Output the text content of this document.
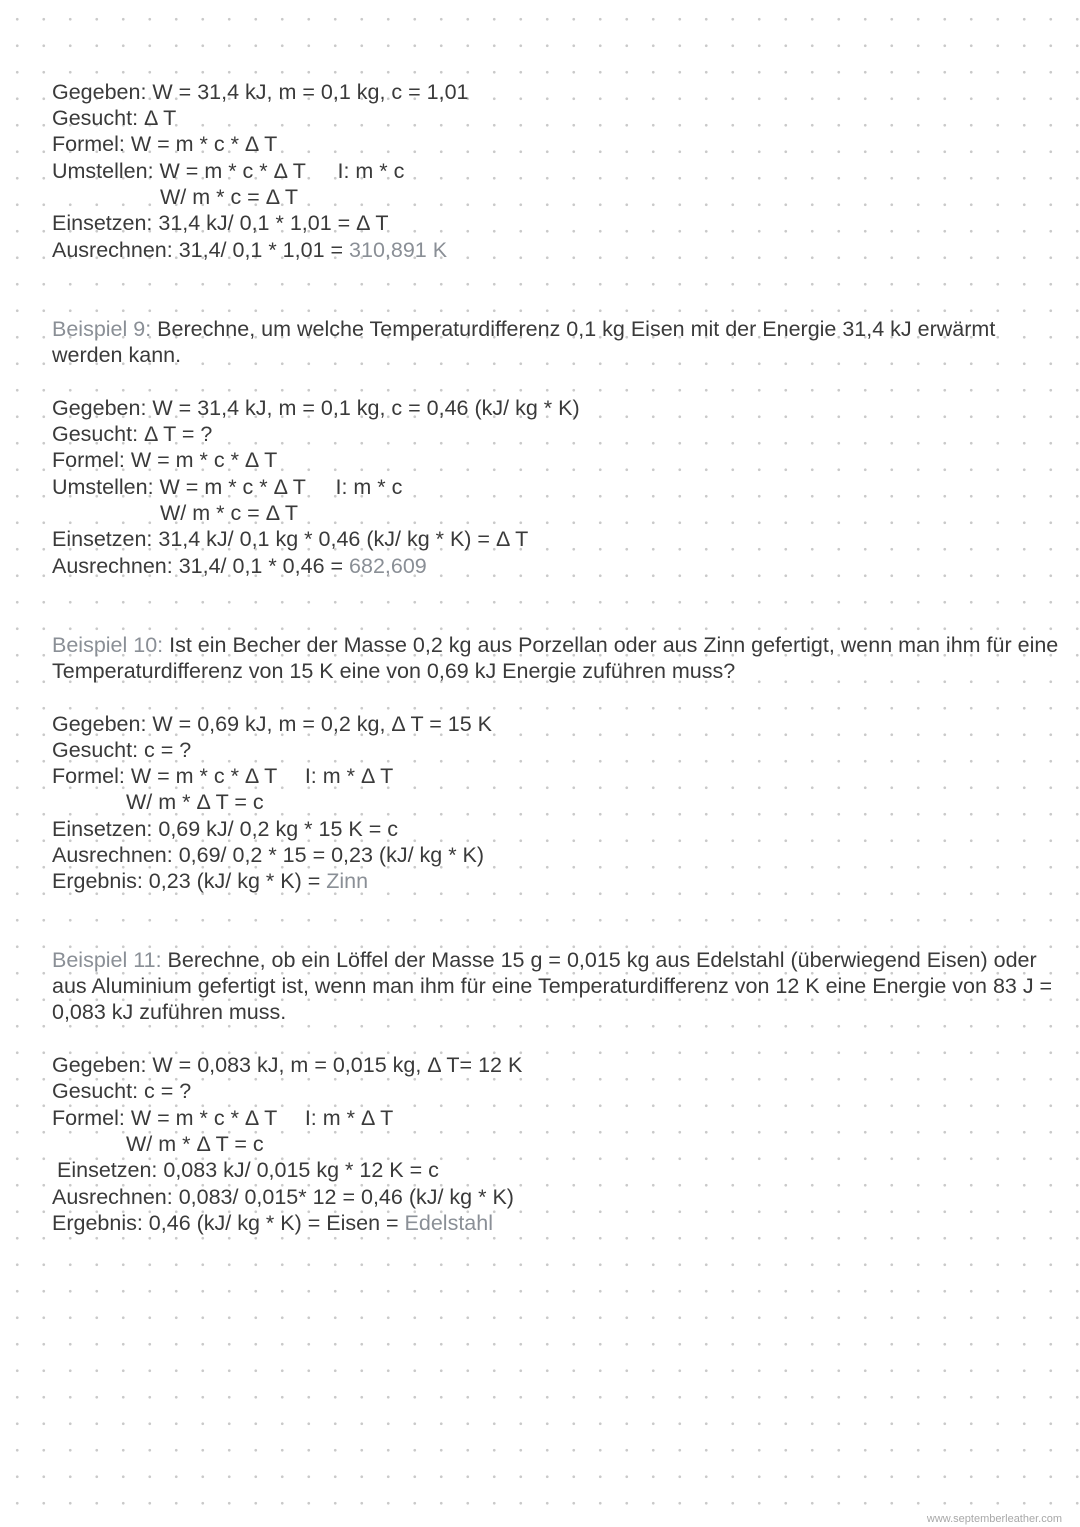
Gegeben: W = 31,4 kJ, m = 0,1 kg, c = 1,01
Gesucht: Δ T
Formel: W = m * c * Δ T
Umstellen: W = m * c * Δ T I: m * c
W/ m * c = Δ T
Einsetzen: 31,4 kJ/ 0,1 * 1,01 = Δ T
Ausrechnen: 31,4/ 0,1 * 1,01 = 310,891 K
Beispiel 9: Berechne, um welche Temperaturdifferenz 0,1 kg Eisen mit der Energie 31,4 kJ erwärmt
werden kann.
Gegeben: W = 31,4 kJ, m = 0,1 kg, c = 0,46 (kJ/ kg * K)
Gesucht: Δ T = ?
Formel: W = m * c * Δ T
Umstellen: W = m * c * Δ T I: m * c
W/ m * c = Δ T
Einsetzen: 31,4 kJ/ 0,1 kg * 0,46 (kJ/ kg * K) = Δ T
Ausrechnen: 31,4/ 0,1 * 0,46 = 682,609
Beispiel 10: Ist ein Becher der Masse 0,2 kg aus Porzellan oder aus Zinn gefertigt, wenn man ihm für eine
Temperaturdifferenz von 15 K eine von 0,69 kJ Energie zuführen muss?
Gegeben: W = 0,69 kJ, m = 0,2 kg, Δ T = 15 K
Gesucht: c = ?
Formel: W = m * c * Δ T I: m * Δ T
W/ m * Δ T = c
Einsetzen: 0,69 kJ/ 0,2 kg * 15 K = c
Ausrechnen: 0,69/ 0,2 * 15 = 0,23 (kJ/ kg * K)
Ergebnis: 0,23 (kJ/ kg * K) = Zinn
Beispiel 11: Berechne, ob ein Löffel der Masse 15 g = 0,015 kg aus Edelstahl (überwiegend Eisen) oder
aus Aluminium gefertigt ist, wenn man ihm für eine Temperaturdifferenz von 12 K eine Energie von 83 J =
0,083 kJ zuführen muss.
Gegeben: W = 0,083 kJ, m = 0,015 kg, Δ T= 12 K
Gesucht: c = ?
Formel: W = m * c * Δ T I: m * Δ T
W/ m * Δ T = c
Einsetzen: 0,083 kJ/ 0,015 kg * 12 K = c
Ausrechnen: 0,083/ 0,015* 12 = 0,46 (kJ/ kg * K)
Ergebnis: 0,46 (kJ/ kg * K) = Eisen = Edelstahl
www.septemberleather.com
